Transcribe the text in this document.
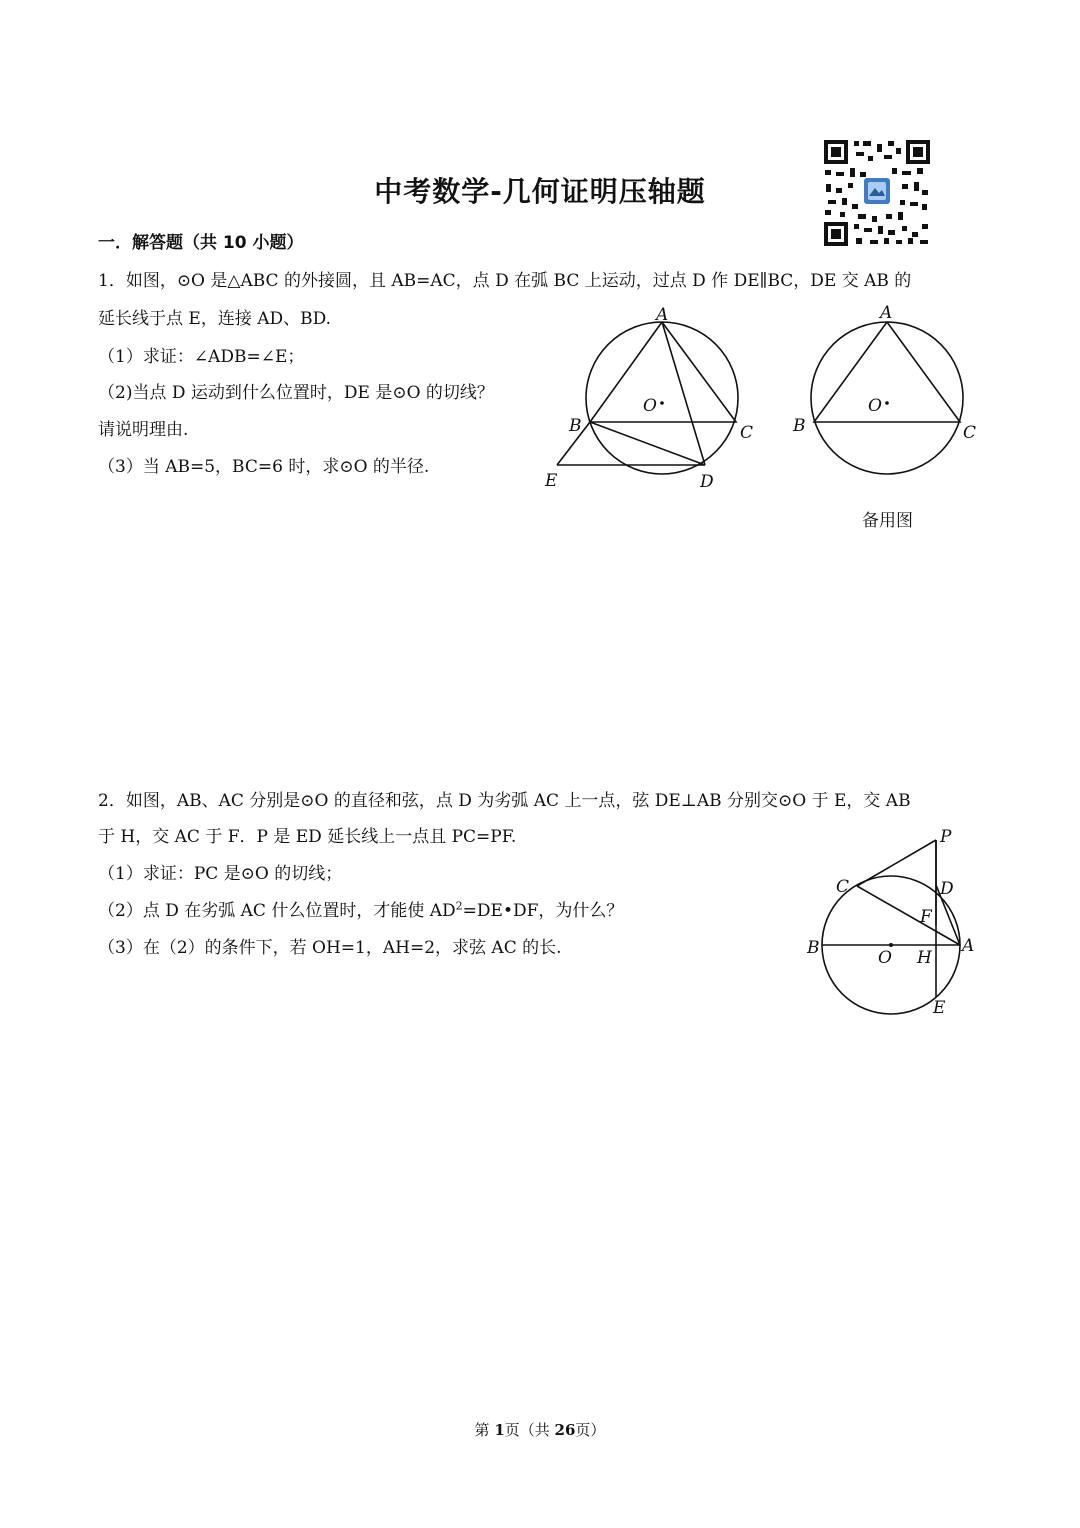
中考数学-几何证明压轴题
一．解答题（共 10 小题）
1．如图，⊙O 是△ABC 的外接圆，且 AB=AC，点 D 在弧 BC 上运动，过点 D 作 DE∥BC，DE 交 AB 的
延长线于点 E，连接 AD、BD.
（1）求证：∠ADB=∠E；
（2)当点 D 运动到什么位置时，DE 是⊙O 的切线？
请说明理由.
（3）当 AB=5，BC=6 时，求⊙O 的半径.
A
O
B	C
E	D
A
O
B	C
备用图
2．如图，AB、AC 分别是⊙O 的直径和弦，点 D 为劣弧 AC 上一点，弦 DE⊥AB 分别交⊙O 于 E，交 AB
于 H，交 AC 于 F．P 是 ED 延长线上一点且 PC=PF.
（1）求证：PC 是⊙O 的切线；
（2）点 D 在劣弧 AC 什么位置时，才能使 $AD^2=DE•DF$，为什么？
（3）在（2）的条件下，若 OH=1，AH=2，求弦 AC 的长.
P
C	D
F
B	O H
A
E
第 1页（共 26页）
